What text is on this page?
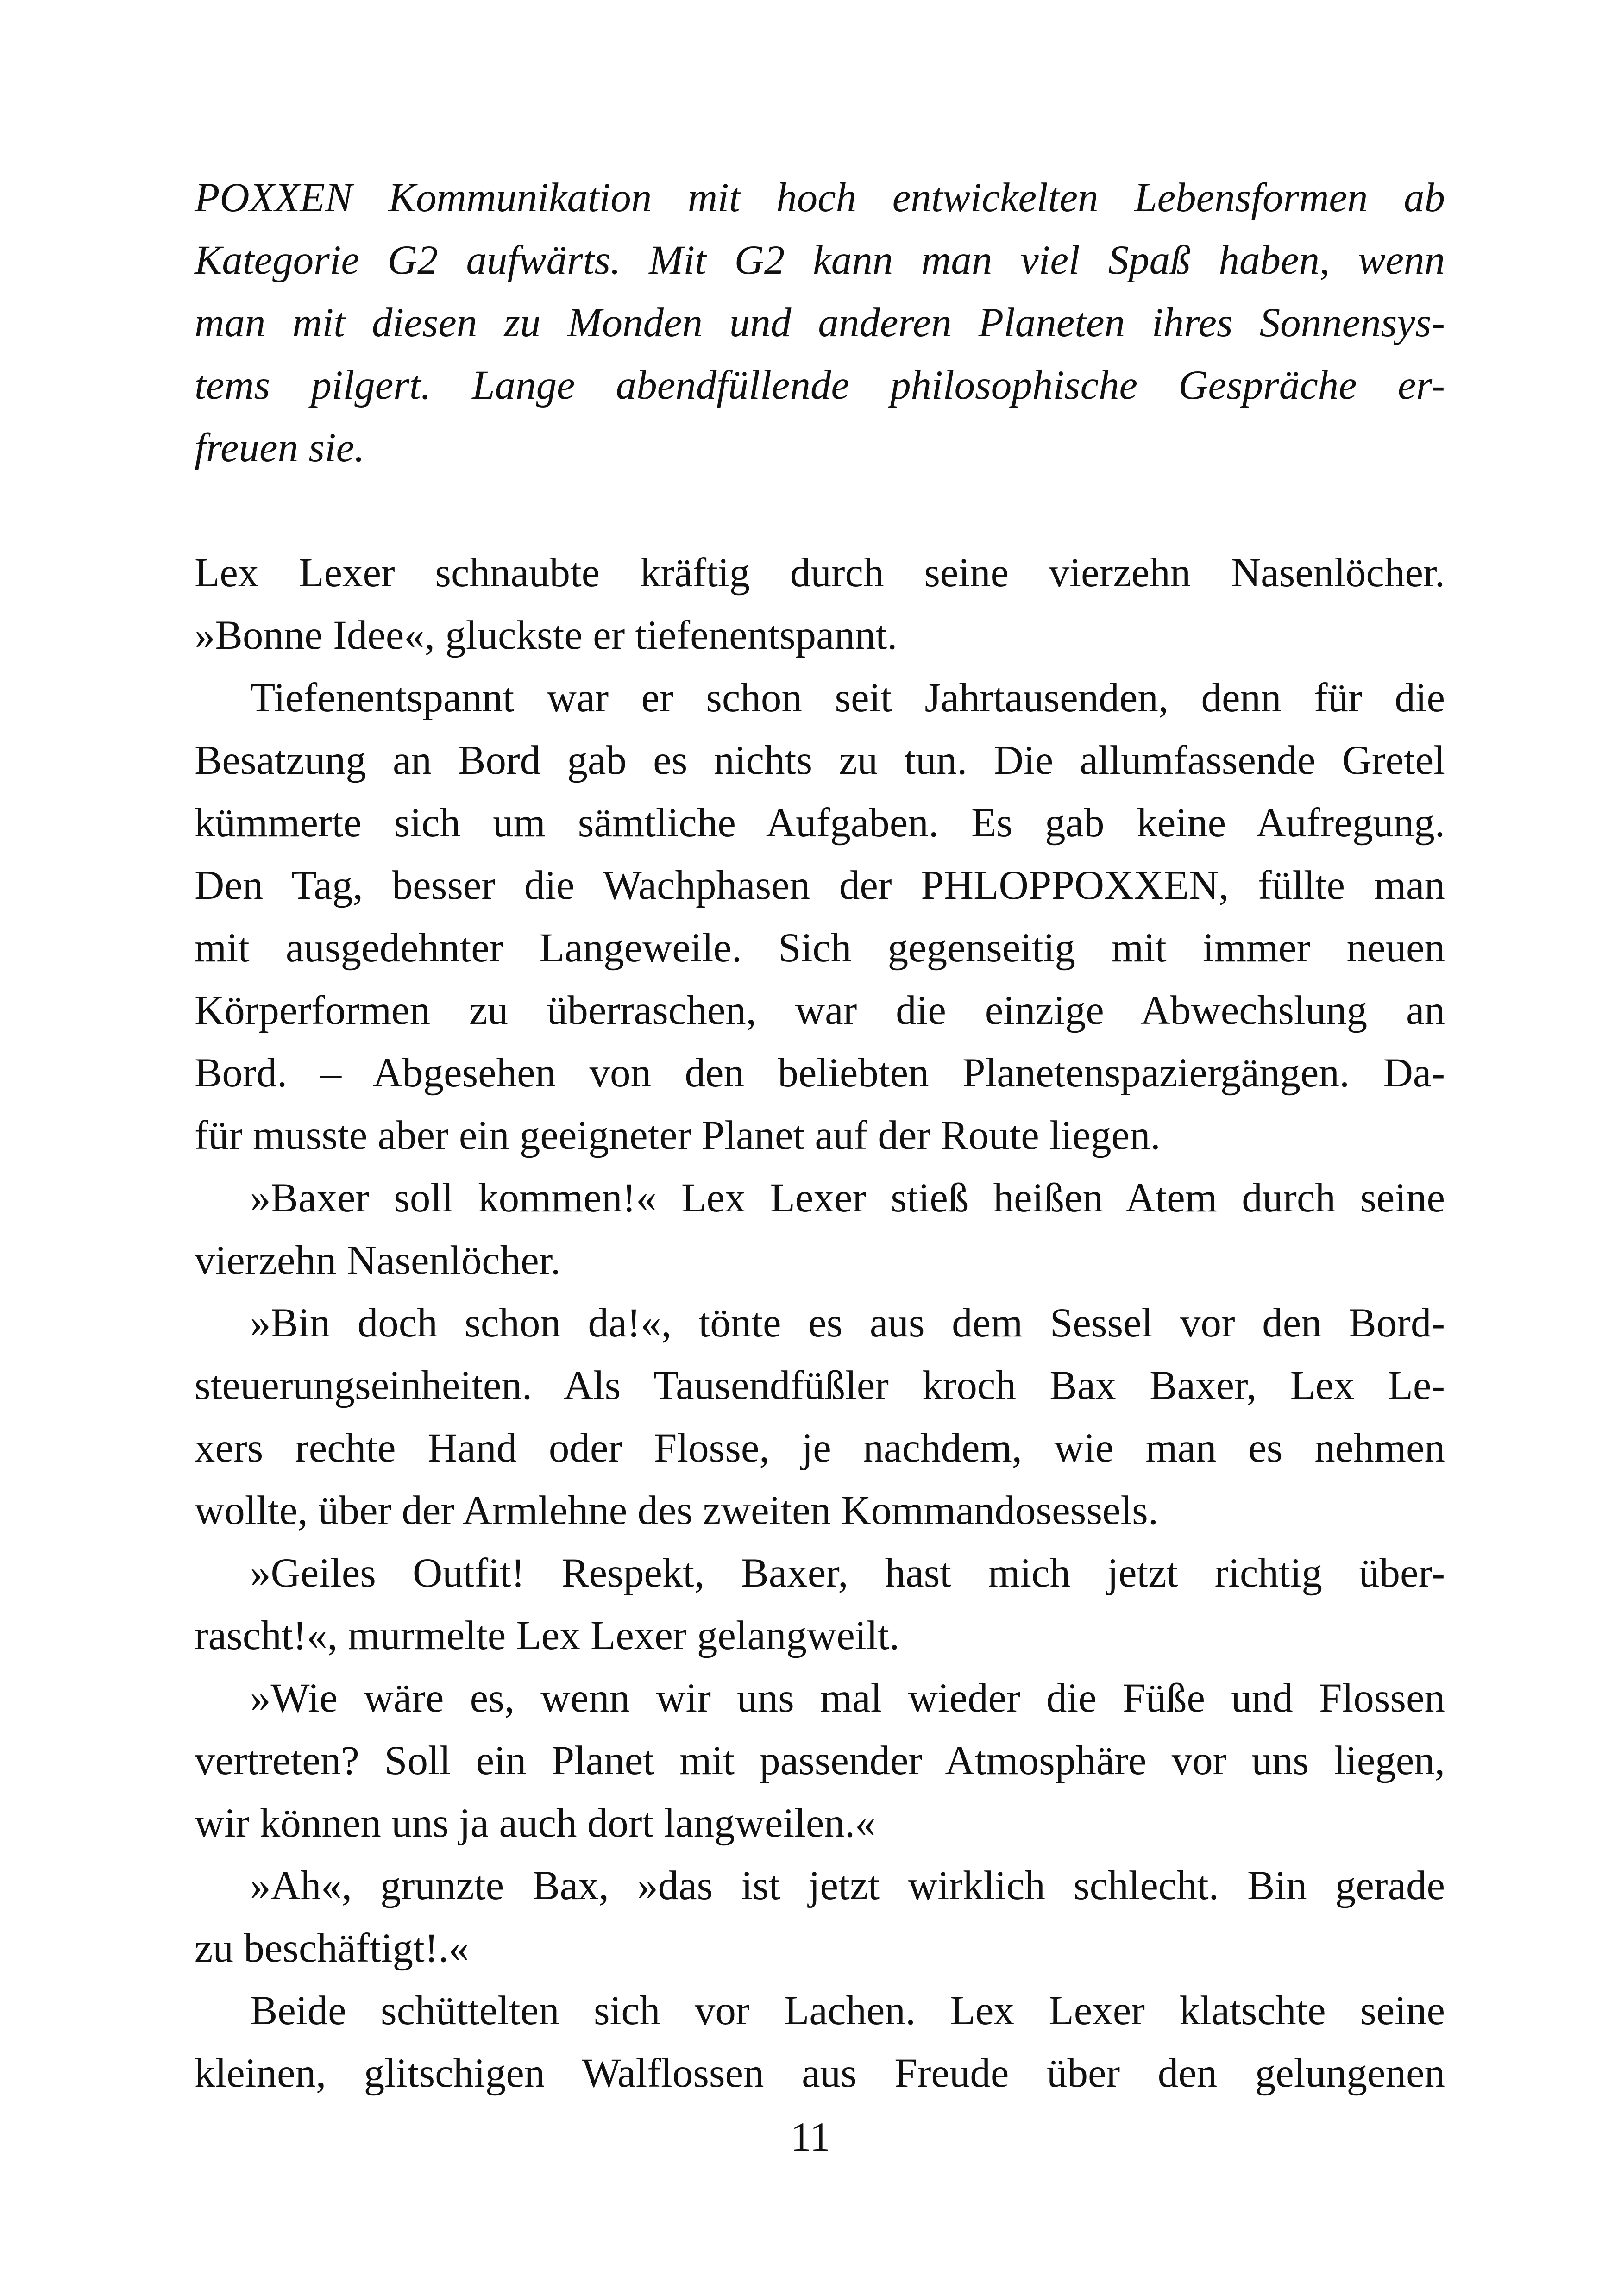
POXXEN Kommunikation mit hoch entwickelten Lebensformen ab
Kategorie G2 aufwärts. Mit G2 kann man viel Spaß haben, wenn
man mit diesen zu Monden und anderen Planeten ihres Sonnensys-
tems pilgert. Lange abendfüllende philosophische Gespräche er-
freuen sie.
Lex Lexer schnaubte kräftig durch seine vierzehn Nasenlöcher.
»Bonne Idee«, gluckste er tiefenentspannt.
Tiefenentspannt war er schon seit Jahrtausenden, denn für die
Besatzung an Bord gab es nichts zu tun. Die allumfassende Gretel
kümmerte sich um sämtliche Aufgaben. Es gab keine Aufregung.
Den Tag, besser die Wachphasen der PHLOPPOXXEN, füllte man
mit ausgedehnter Langeweile. Sich gegenseitig mit immer neuen
Körperformen zu überraschen, war die einzige Abwechslung an
Bord. – Abgesehen von den beliebten Planetenspaziergängen. Da-
für musste aber ein geeigneter Planet auf der Route liegen.
»Baxer soll kommen!« Lex Lexer stieß heißen Atem durch seine
vierzehn Nasenlöcher.
»Bin doch schon da!«, tönte es aus dem Sessel vor den Bord-
steuerungseinheiten. Als Tausendfüßler kroch Bax Baxer, Lex Le-
xers rechte Hand oder Flosse, je nachdem, wie man es nehmen
wollte, über der Armlehne des zweiten Kommandosessels.
»Geiles Outfit! Respekt, Baxer, hast mich jetzt richtig über-
rascht!«, murmelte Lex Lexer gelangweilt.
»Wie wäre es, wenn wir uns mal wieder die Füße und Flossen
vertreten? Soll ein Planet mit passender Atmosphäre vor uns liegen,
wir können uns ja auch dort langweilen.«
»Ah«, grunzte Bax, »das ist jetzt wirklich schlecht. Bin gerade
zu beschäftigt!.«
Beide schüttelten sich vor Lachen. Lex Lexer klatschte seine
kleinen, glitschigen Walflossen aus Freude über den gelungenen
11
